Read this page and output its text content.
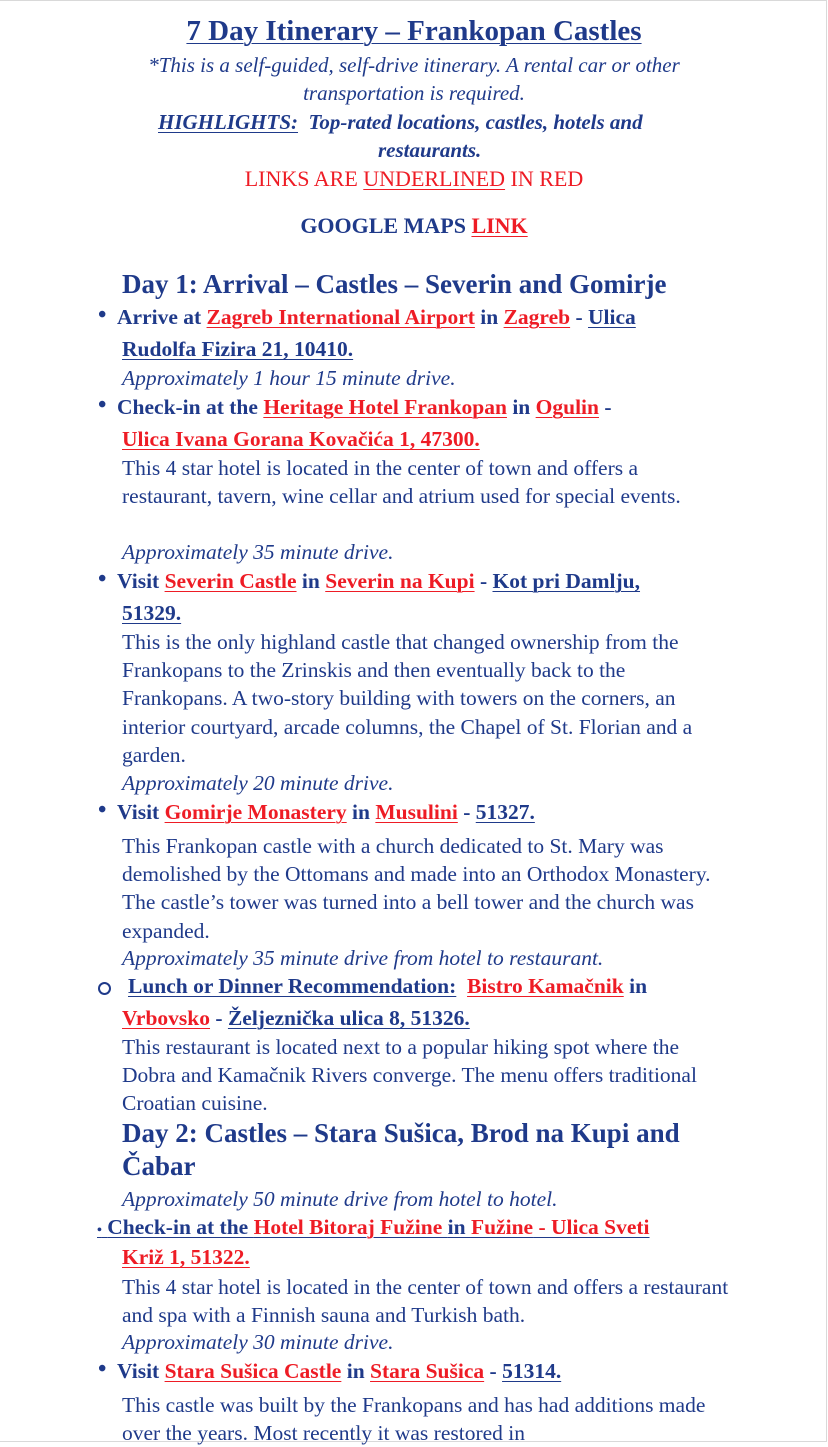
7 Day Itinerary – Frankopan Castles
*This is a self-guided, self-drive itinerary. A rental car or other
transportation is required.
HIGHLIGHTS: Top-rated locations, castles, hotels and
restaurants.
LINKS ARE UNDERLINED IN RED
GOOGLE MAPS LINK
Day 1: Arrival – Castles – Severin and Gomirje
• Arrive at Zagreb International Airport in Zagreb - Ulica
Rudolfa Fizira 21, 10410.
Approximately 1 hour 15 minute drive.
• Check-in at the Heritage Hotel Frankopan in Ogulin -
Ulica Ivana Gorana Kovačića 1, 47300.
This 4 star hotel is located in the center of town and offers a restaurant, tavern, wine cellar and atrium used for special events.
Approximately 35 minute drive.
• Visit Severin Castle in Severin na Kupi - Kot pri Damlju,
51329.
This is the only highland castle that changed ownership from the Frankopans to the Zrinskis and then eventually back to the Frankopans. A two-story building with towers on the corners, an interior courtyard, arcade columns, the Chapel of St. Florian and a garden.
Approximately 20 minute drive.
• Visit Gomirje Monastery in Musulini - 51327.
This Frankopan castle with a church dedicated to St. Mary was demolished by the Ottomans and made into an Orthodox Monastery. The castle’s tower was turned into a bell tower and the church was expanded.
Approximately 35 minute drive from hotel to restaurant.
Lunch or Dinner Recommendation: Bistro Kamačnik in
Vrbovsko - Željeznička ulica 8, 51326.
This restaurant is located next to a popular hiking spot where the Dobra and Kamačnik Rivers converge. The menu offers traditional Croatian cuisine.
Day 2: Castles – Stara Sušica, Brod na Kupi and
Čabar
Approximately 50 minute drive from hotel to hotel.
• Check-in at the Hotel Bitoraj Fužine in Fužine - Ulica Sveti
Križ 1, 51322.
This 4 star hotel is located in the center of town and offers a restaurant and spa with a Finnish sauna and Turkish bath.
Approximately 30 minute drive.
• Visit Stara Sušica Castle in Stara Sušica - 51314.
This castle was built by the Frankopans and has had additions made over the years. Most recently it was restored in
